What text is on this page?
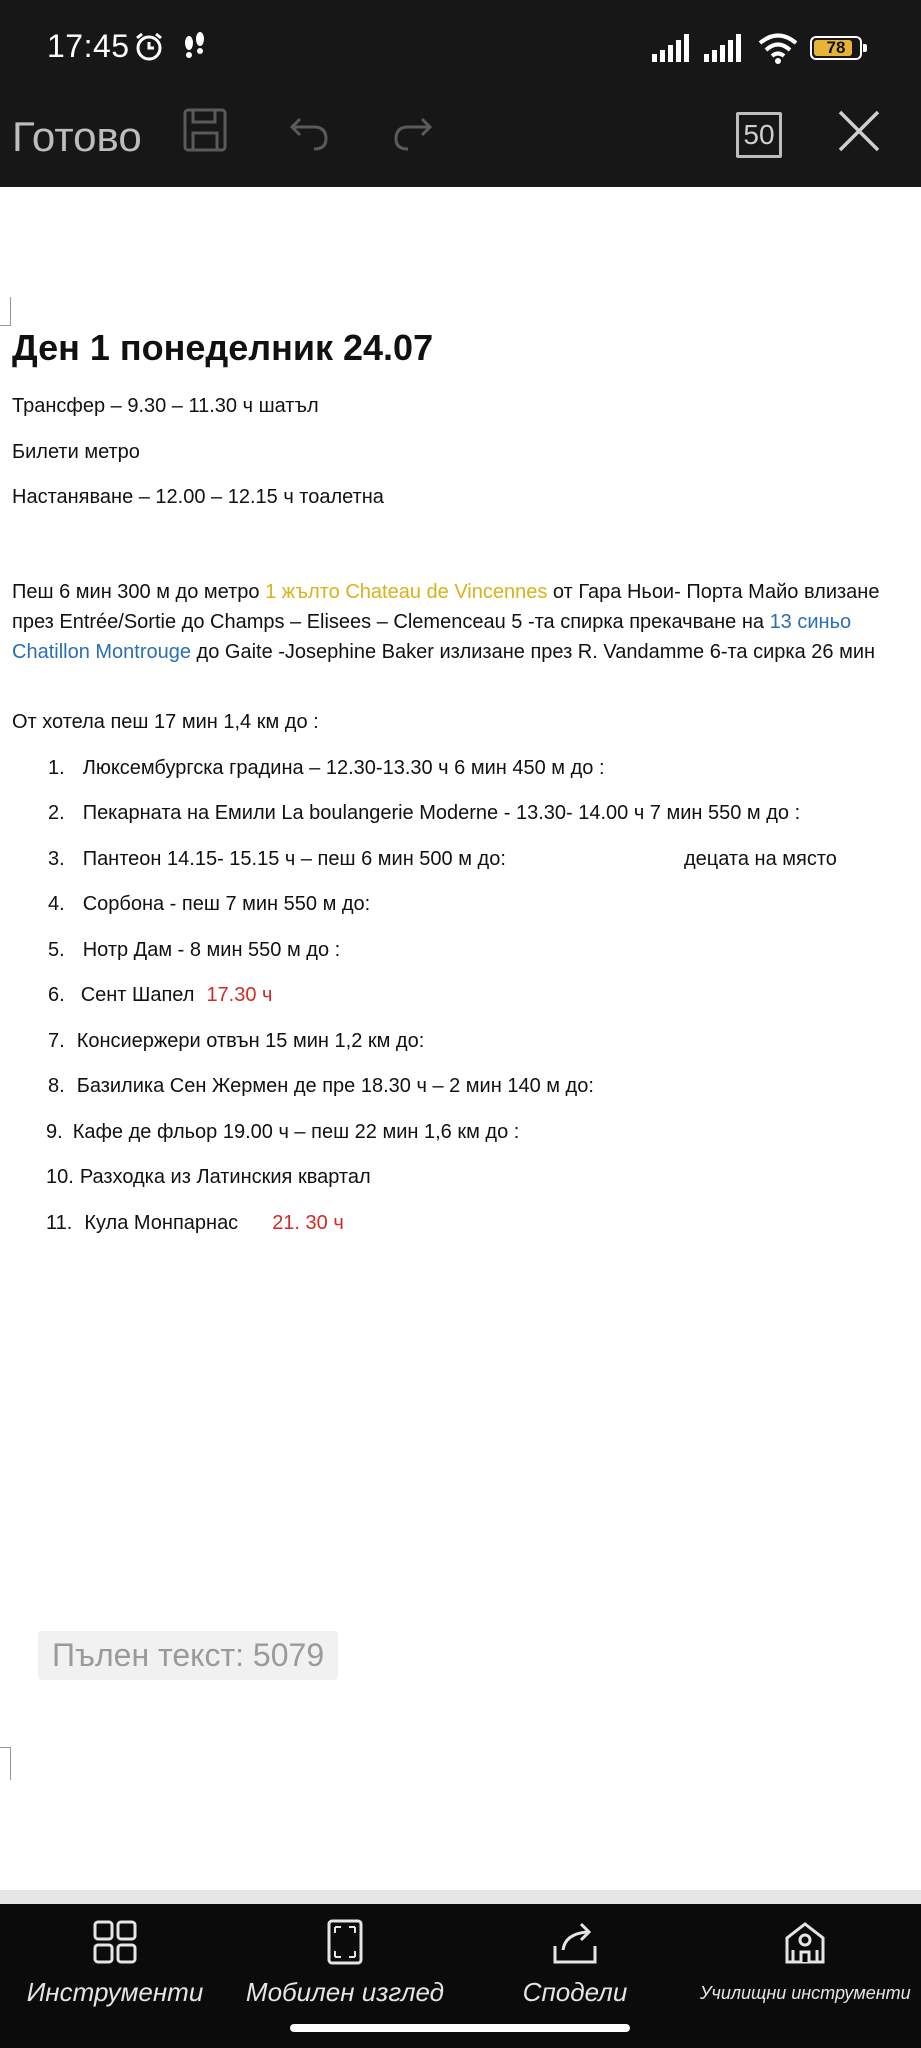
17:45	78
Готово	50
Ден 1 понеделник 24.07
Трансфер – 9.30 – 11.30 ч шатъл
Билети метро
Настаняване – 12.00 – 12.15 ч тоалетна
Пеш 6 мин 300 м до метро 1 жълто Chateau de Vincennes от Гара Ньои- Порта Майо влизане през Entrée/Sortie до Champs – Elisees – Clemenceau 5 -та спирка прекачване на 13 синьо Chatillon Montrouge до Gaite -Josephine Baker излизане през R. Vandamme 6-та сирка 26 мин
От хотела пеш 17 мин 1,4 км до :
1. Люксембургска градина – 12.30-13.30 ч 6 мин 450 м до :
2. Пекарната на Емили La boulangerie Moderne - 13.30- 14.00 ч 7 мин 550 м до :
3. Пантеон 14.15- 15.15 ч – пеш 6 мин 500 м до:	децата на място
4. Сорбона - пеш 7 мин 550 м до:
5. Нотр Дам - 8 мин 550 м до :
6. Сент Шапел 17.30 ч
7. Консиержери отвън 15 мин 1,2 км до:
8. Базилика Сен Жермен де пре 18.30 ч – 2 мин 140 м до:
9. Кафе де фльор 19.00 ч – пеш 22 мин 1,6 км до :
10. Разходка из Латинския квартал
11. Кула Монпарнас 21. 30 ч
Пълен текст: 5079
Инструменти Мобилен изглед	Сподели	Училищни инструменти
